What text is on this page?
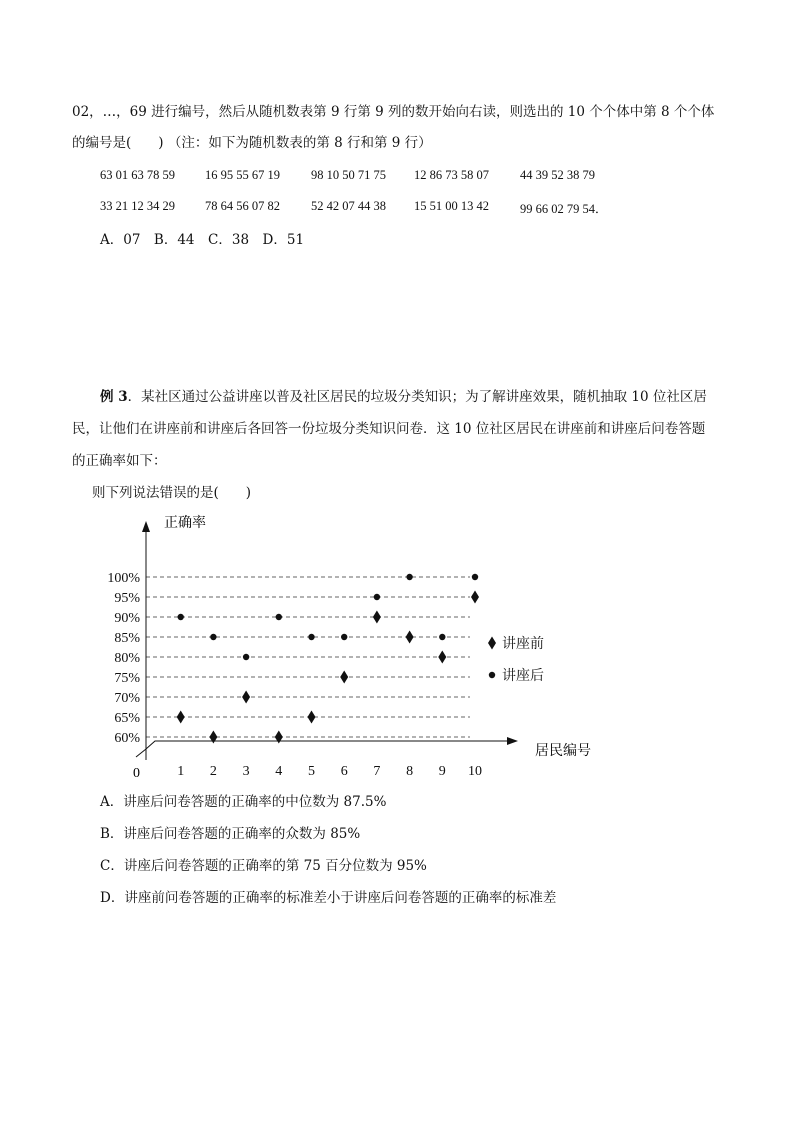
02，…，69 进行编号，然后从随机数表第 9 行第 9 列的数开始向右读，则选出的 10 个个体中第 8 个个体
的编号是(　　) （注：如下为随机数表的第 8 行和第 9 行）
63 01 63 78 59 16 95 55 67 19 98 10 50 71 75 12 86 73 58 07 44 39 52 38 79
33 21 12 34 29 78 64 56 07 82 52 42 07 44 38 15 51 00 13 42 99 66 02 79 54．
A．07　B．44　C．38　D．51
例 3．某社区通过公益讲座以普及社区居民的垃圾分类知识；为了解讲座效果，随机抽取 10 位社区居
民，让他们在讲座前和讲座后各回答一份垃圾分类知识问卷．这 10 位社区居民在讲座前和讲座后问卷答题
的正确率如下：
则下列说法错误的是(　　)
60%
65%
70%
75%
80%
85%
90%
95%
100%
1 2 3 4 5 6 7 8 9 10
讲座前
讲座后
正确率
居民编号
0
A．讲座后问卷答题的正确率的中位数为 87.5%
B．讲座后问卷答题的正确率的众数为 85%
C．讲座后问卷答题的正确率的第 75 百分位数为 95%
D．讲座前问卷答题的正确率的标准差小于讲座后问卷答题的正确率的标准差
